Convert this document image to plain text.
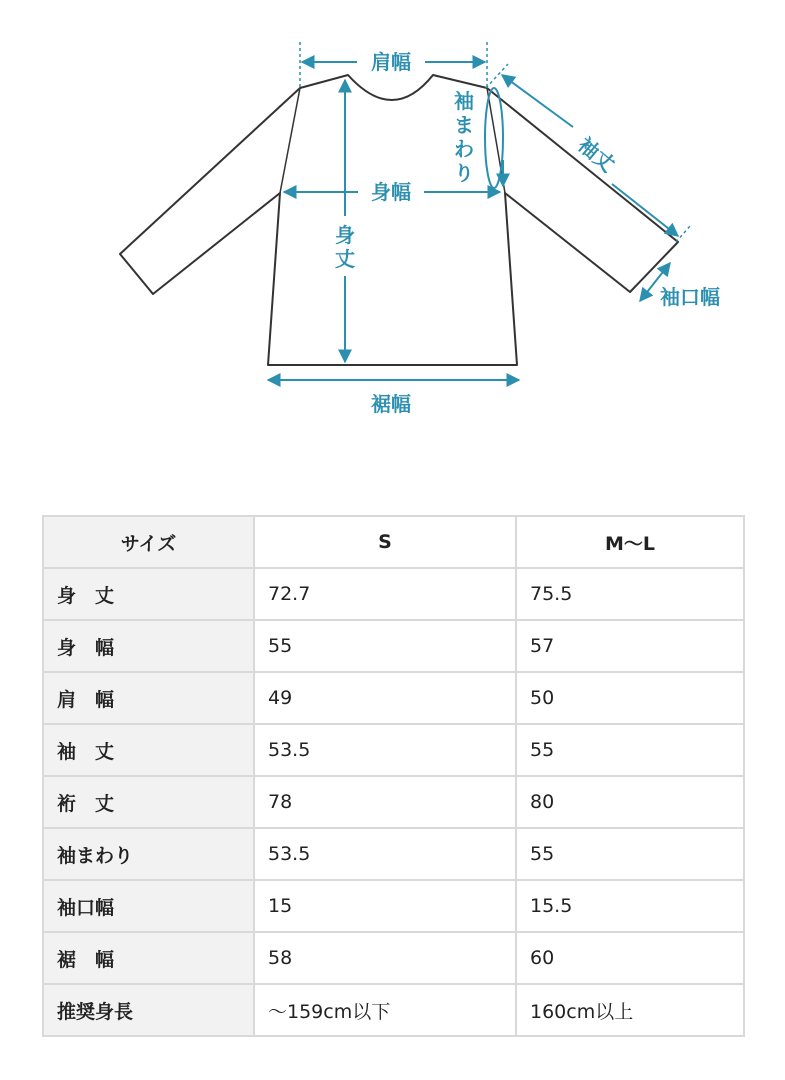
肩幅
袖
ま
わ
り	袖丈
身幅
身
丈
袖口幅
裾幅
サイズ	S	M〜L
身　丈	72.7	75.5
身　幅	55	57
肩　幅	49	50
袖　丈	53.5	55
裄　丈	78	80
袖まわり	53.5	55
袖口幅	15	15.5
裾　幅	58	60
推奨身長	〜159cm以下	160cm以上
